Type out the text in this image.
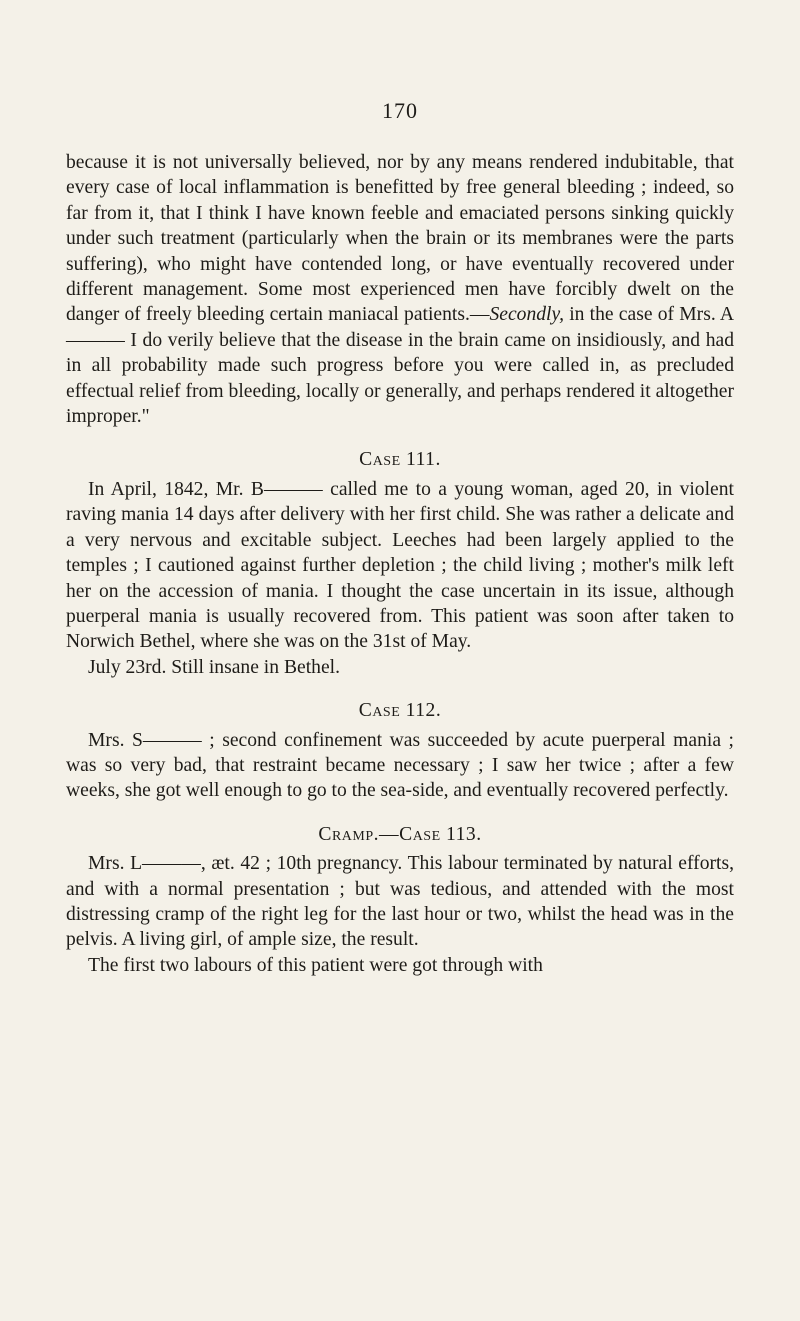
170

because it is not universally believed, nor by any means rendered indubitable, that every case of local inflammation is benefitted by free general bleeding ; indeed, so far from it, that I think I have known feeble and emaciated persons sinking quickly under such treatment (particularly when the brain or its membranes were the parts suffering), who might have contended long, or have eventually recovered under different management. Some most experienced men have forcibly dwelt on the danger of freely bleeding certain maniacal patients.—Secondly, in the case of Mrs. A——— I do verily believe that the disease in the brain came on insidiously, and had in all probability made such progress before you were called in, as precluded effectual relief from bleeding, locally or generally, and perhaps rendered it altogether improper."

Case 111.

In April, 1842, Mr. B——— called me to a young woman, aged 20, in violent raving mania 14 days after delivery with her first child. She was rather a delicate and a very nervous and excitable subject. Leeches had been largely applied to the temples ; I cautioned against further depletion ; the child living ; mother's milk left her on the accession of mania. I thought the case uncertain in its issue, although puerperal mania is usually recovered from. This patient was soon after taken to Norwich Bethel, where she was on the 31st of May.

July 23rd. Still insane in Bethel.

Case 112.

Mrs. S——— ; second confinement was succeeded by acute puerperal mania ; was so very bad, that restraint became necessary ; I saw her twice ; after a few weeks, she got well enough to go to the sea-side, and eventually recovered perfectly.

Cramp.—Case 113.

Mrs. L———, æt. 42 ; 10th pregnancy. This labour terminated by natural efforts, and with a normal presentation ; but was tedious, and attended with the most distressing cramp of the right leg for the last hour or two, whilst the head was in the pelvis. A living girl, of ample size, the result.

The first two labours of this patient were got through with
